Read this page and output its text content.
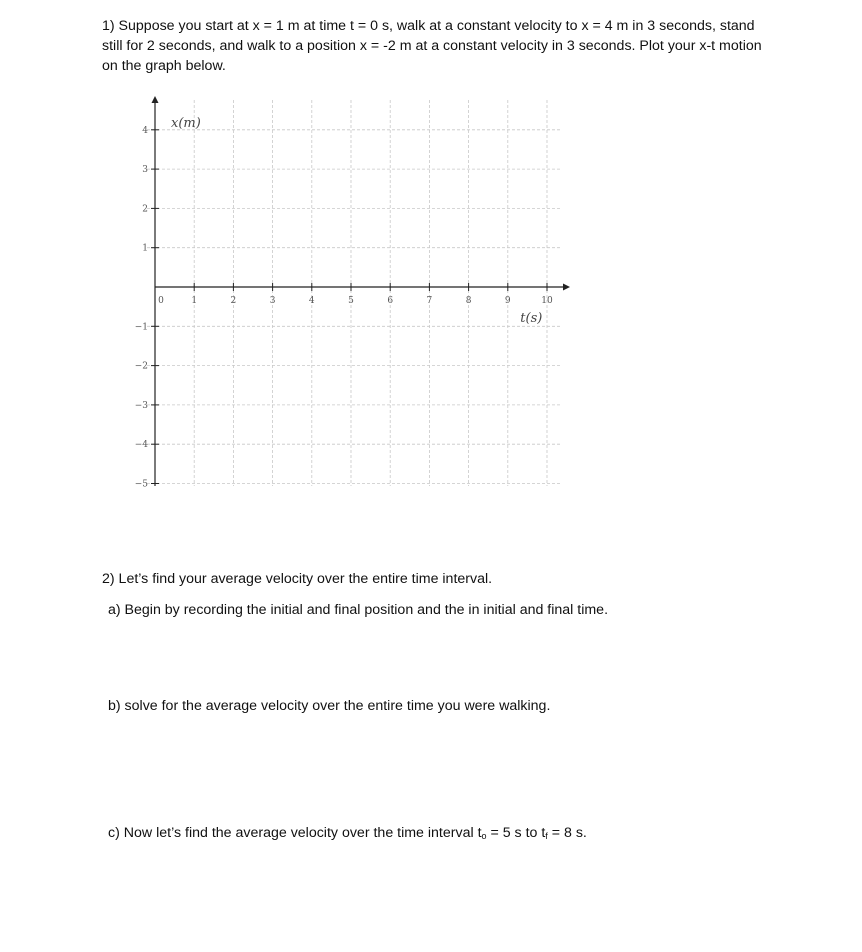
1) Suppose you start at x = 1 m at time t = 0 s, walk at a constant velocity to x = 4 m in 3 seconds, stand still for 2 seconds, and walk to a position x = -2 m at a constant velocity in 3 seconds. Plot your x-t motion on the graph below.

0	1	2	3	4	5	6	7	8	9	10
4
3
2
1
−1
−2
−3
−4
−5
x(m)
t(s)

2) Let’s find your average velocity over the entire time interval.

a) Begin by recording the initial and final position and the in initial and final time.

b) solve for the average velocity over the entire time you were walking.

c) Now let’s find the average velocity over the time interval $t_o = 5$ s to $t_f = 8$ s.
